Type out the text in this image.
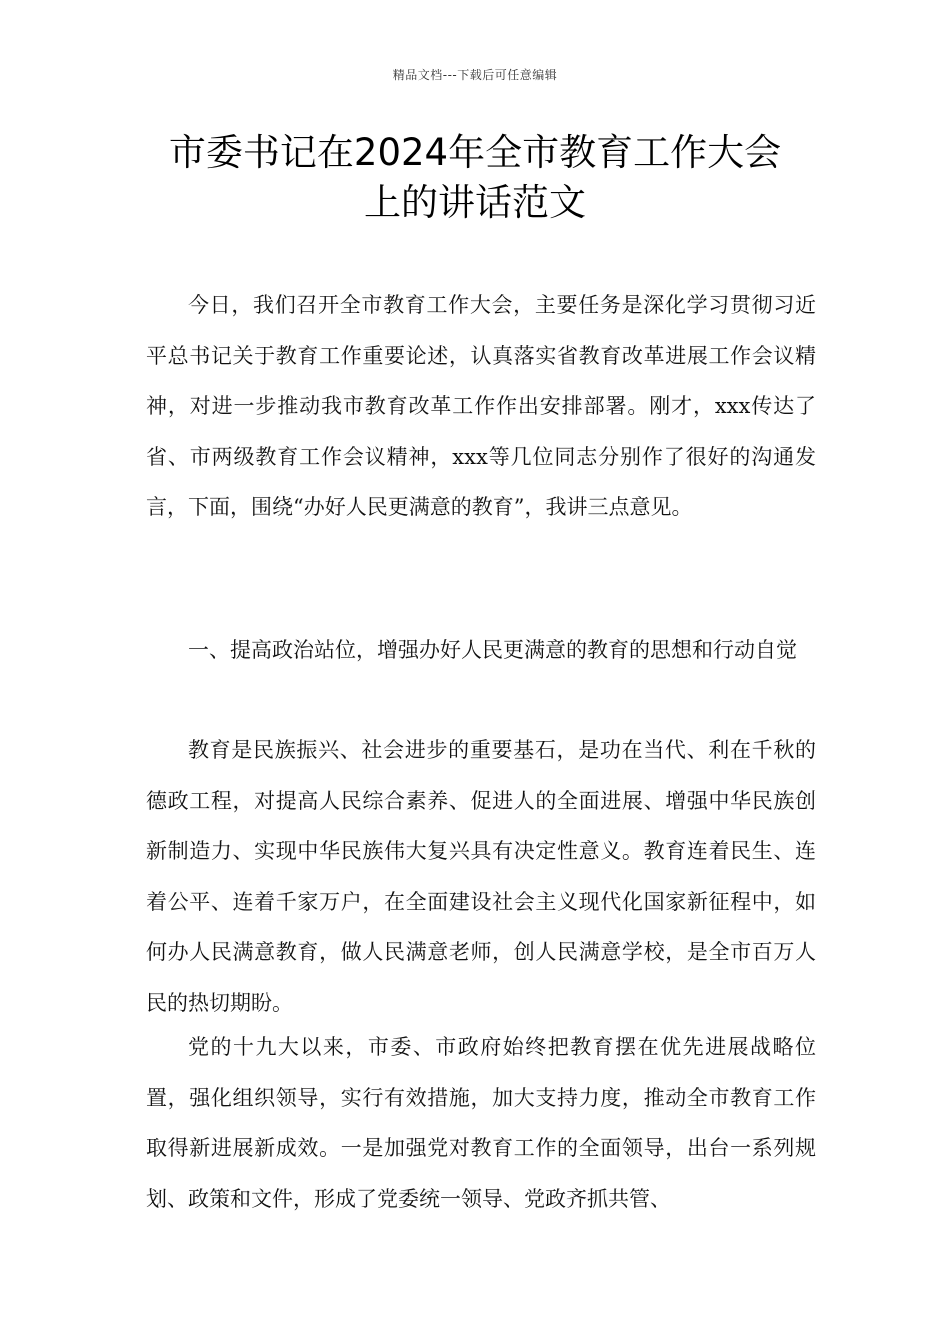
精品文档---下载后可任意编辑
市委书记在2024年全市教育工作大会
上的讲话范文

今日，我们召开全市教育工作大会，主要任务是深化学习贯彻习近平总书记关于教育工作重要论述，认真落实省教育改革进展工作会议精神，对进一步推动我市教育改革工作作出安排部署。刚才，xxx传达了省、市两级教育工作会议精神，xxx等几位同志分别作了很好的沟通发言，下面，围绕“办好人民更满意的教育”，我讲三点意见。

一、提高政治站位，增强办好人民更满意的教育的思想和行动自觉

教育是民族振兴、社会进步的重要基石，是功在当代、利在千秋的德政工程，对提高人民综合素养、促进人的全面进展、增强中华民族创新制造力、实现中华民族伟大复兴具有决定性意义。教育连着民生、连着公平、连着千家万户，在全面建设社会主义现代化国家新征程中，如何办人民满意教育，做人民满意老师，创人民满意学校，是全市百万人民的热切期盼。

党的十九大以来，市委、市政府始终把教育摆在优先进展战略位置，强化组织领导，实行有效措施，加大支持力度，推动全市教育工作取得新进展新成效。一是加强党对教育工作的全面领导，出台一系列规划、政策和文件，形成了党委统一领导、党政齐抓共管、
